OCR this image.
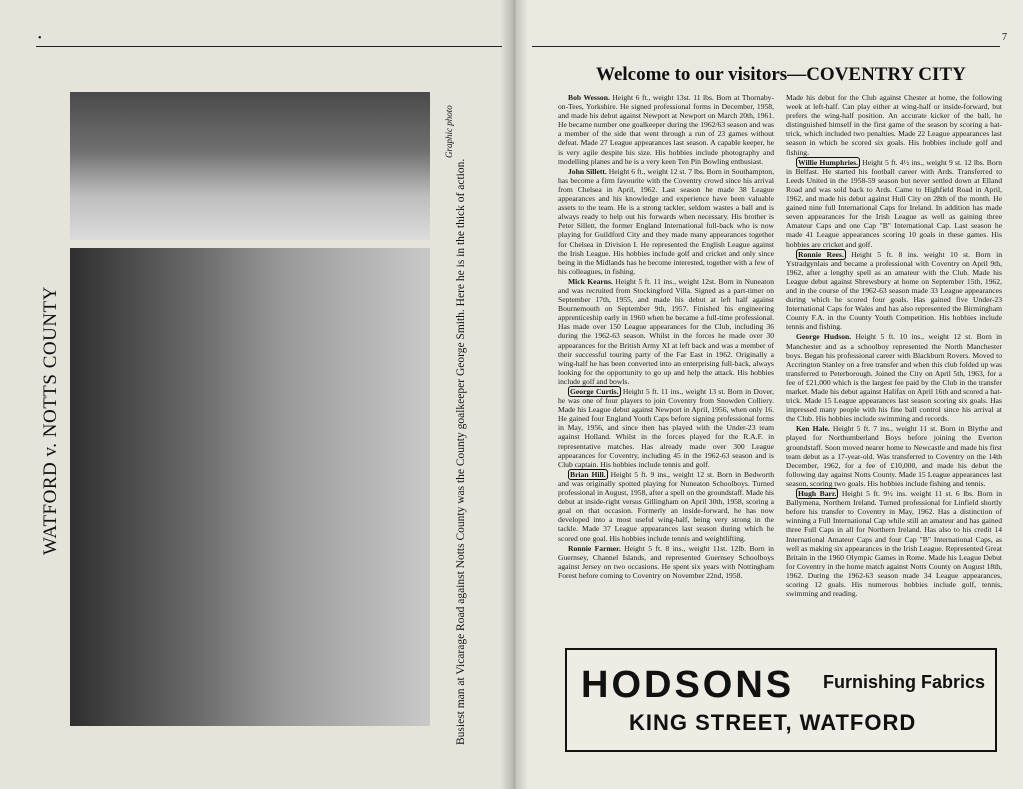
•
WATFORD v. NOTTS COUNTY
Graphic photo
Busiest man at Vicarage Road against Notts County was the County goalkeeper George Smith. Here he is in the thick of action.
7
Welcome to our visitors—COVENTRY CITY

Bob Wesson. Height 6 ft., weight 13st. 11 lbs. Born at Thornaby-on-Tees, Yorkshire. He signed professional forms in December, 1958, and made his debut against Newport at Newport on March 20th, 1961. He became number one goalkeeper during the 1962/63 season and was a member of the side that went through a run of 23 games without defeat. Made 27 League appearances last season. A capable keeper, he is very agile despite his size. His hobbies include photography and modelling planes and he is a very keen Ten Pin Bowling enthusiast.

John Sillett. Height 6 ft., weight 12 st. 7 lbs. Born in Southampton, has become a firm favourite with the Coventry crowd since his arrival from Chelsea in April, 1962. Last season he made 38 League appearances and his knowledge and experience have been valuable assets to the team. He is a strong tackler, seldom wastes a ball and is always ready to help out his forwards when necessary. His brother is Peter Sillett, the former England International full-back who is now playing for Guildford City and they made many appearances together for Chelsea in Division I. He represented the English League against the Irish League. His hobbies include golf and cricket and only since being in the Midlands has he become interested, together with a few of his colleagues, in fishing.

Mick Kearns. Height 5 ft. 11 ins., weight 12st. Born in Nuneaton and was recruited from Stockingford Villa. Signed as a part-timer on September 17th, 1955, and made his debut at left half against Bournemouth on September 9th, 1957. Finished his engineering apprenticeship early in 1960 when he became a full-time professional. Has made over 150 League appearances for the Club, including 36 during the 1962-63 season. Whilst in the forces he made over 30 appearances for the British Army XI at left back and was a member of their successful touring party of the Far East in 1962. Originally a wing-half he has been converted into an enterprising full-back, always looking for the opportunity to go up and help the attack. His hobbies include golf and bowls.

George Curtis. Height 5 ft. 11 ins., weight 13 st. Born in Dover, he was one of four players to join Coventry from Snowden Colliery. Made his League debut against Newport in April, 1956, when only 16. He gained four England Youth Caps before signing professional forms in May, 1956, and since then has played with the Under-23 team against Holland. Whilst in the forces played for the R.A.F. in representative matches. Has already made over 300 League appearances for Coventry, including 45 in the 1962-63 season and is Club captain. His hobbies include tennis and golf.

Brian Hill. Height 5 ft. 9 ins., weight 12 st. Born in Bedworth and was originally spotted playing for Nuneaton Schoolboys. Turned professional in August, 1958, after a spell on the groundstaff. Made his debut at inside-right versus Gillingham on April 30th, 1958, scoring a goal on that occasion. Formerly an inside-forward, he has now developed into a most useful wing-half, being very strong in the tackle. Made 37 League appearances last season during which he scored one goal. His hobbies include tennis and weightlifting.

Ronnie Farmer. Height 5 ft. 8 ins., weight 11st. 12lb. Born in Guernsey, Channel Islands, and represented Guernsey Schoolboys against Jersey on two occasions. He spent six years with Nottingham Forest before coming to Coventry on November 22nd, 1958.

Made his debut for the Club against Chester at home, the following week at left-half. Can play either at wing-half or inside-forward, but prefers the wing-half position. An accurate kicker of the ball, he distinguished himself in the first game of the season by scoring a hat-trick, which included two penalties. Made 22 League appearances last season in which he scored six goals. His hobbies include golf and fishing.

Willie Humphries. Height 5 ft. 4½ ins., weight 9 st. 12 lbs. Born in Belfast. He started his football career with Ards. Transferred to Leeds United in the 1958-59 season but never settled down at Elland Road and was sold back to Ards. Came to Highfield Road in April, 1962, and made his debut against Hull City on 28th of the month. He gained nine full International Caps for Ireland. In addition has made seven appearances for the Irish League as well as gaining three Amateur Caps and one Cap "B" International Cap. Last season he made 41 League appearances scoring 10 goals in these games. His hobbies are cricket and golf.

Ronnie Rees. Height 5 ft. 8 ins. weight 10 st. Born in Ystradgynlais and became a professional with Coventry on April 9th, 1962, after a lengthy spell as an amateur with the Club. Made his League debut against Shrewsbury at home on September 15th, 1962, and in the course of the 1962-63 season made 33 League appearances during which he scored four goals. Has gained five Under-23 International Caps for Wales and has also represented the Birmingham County F.A. in the County Youth Competition. His hobbies include tennis and fishing.

George Hudson. Height 5 ft. 10 ins., weight 12 st. Born in Manchester and as a schoolboy represented the North Manchester boys. Began his professional career with Blackburn Rovers. Moved to Accrington Stanley on a free transfer and when this club folded up was transferred to Peterborough. Joined the City on April 5th, 1963, for a fee of £21,000 which is the largest fee paid by the Club in the transfer market. Made his debut against Halifax on April 16th and scored a hat-trick. Made 15 League appearances last season scoring six goals. Has impressed many people with his fine ball control since his arrival at the Club. His hobbies include swimming and records.

Ken Hale. Height 5 ft. 7 ins., weight 11 st. Born in Blythe and played for Northumberland Boys before joining the Everton groundstaff. Soon moved nearer home to Newcastle and made his first team debut as a 17-year-old. Was transferred to Coventry on the 14th December, 1962, for a fee of £10,000, and made his debut the following day against Notts County. Made 15 League appearances last season, scoring two goals. His hobbies include fishing and tennis.

Hugh Barr. Height 5 ft. 9½ ins. weight 11 st. 6 lbs. Born in Ballymena, Northern Ireland. Turned professional for Linfield shortly before his transfer to Coventry in May, 1962. Has a distinction of winning a Full International Cap while still an amateur and has gained three Full Caps in all for Northern Ireland. Has also to his credit 14 International Amateur Caps and four Cap "B" International Caps, as well as making six appearances in the Irish League. Represented Great Britain in the 1960 Olympic Games in Rome. Made his League Debut for Coventry in the home match against Notts County on August 18th, 1962. During the 1962-63 season made 34 League appearances, scoring 12 goals. His numerous hobbies include golf, tennis, swimming and reading.

HODSONS Furnishing Fabrics
KING STREET, WATFORD
